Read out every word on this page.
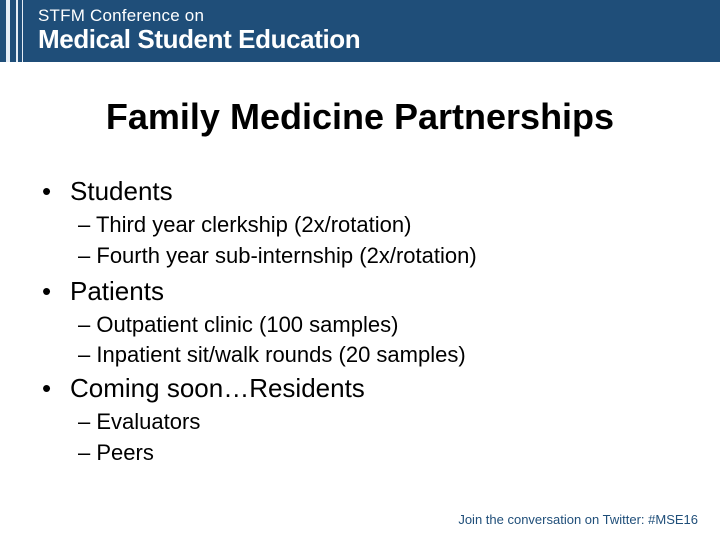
STFM Conference on
Medical Student Education
Family Medicine Partnerships
• Students
– Third year clerkship (2x/rotation)
– Fourth year sub-internship (2x/rotation)
• Patients
– Outpatient clinic (100 samples)
– Inpatient sit/walk rounds (20 samples)
• Coming soon…Residents
– Evaluators
– Peers
Join the conversation on Twitter: #MSE16
